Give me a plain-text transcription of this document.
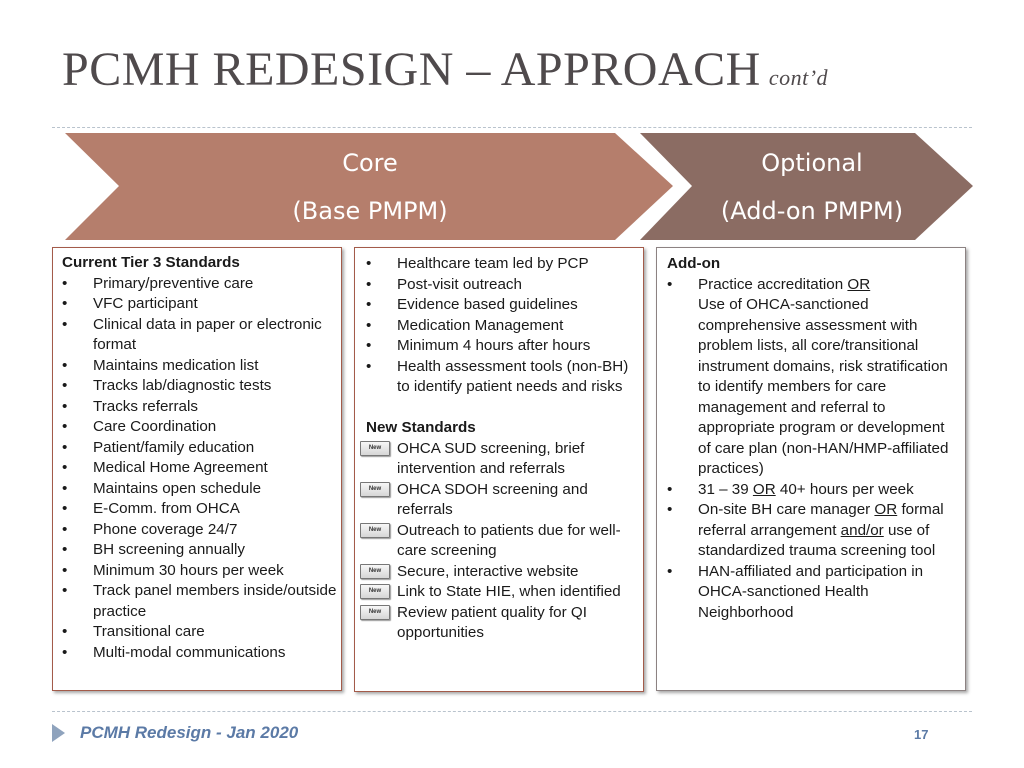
PCMH REDESIGN – APPROACH cont’d
Core
(Base PMPM)
Optional
(Add-on PMPM)
Current Tier 3 Standards
• Primary/preventive care
• VFC participant
• Clinical data in paper or electronic format
• Maintains medication list
• Tracks lab/diagnostic tests
• Tracks referrals
• Care Coordination
• Patient/family education
• Medical Home Agreement
• Maintains open schedule
• E-Comm. from OHCA
• Phone coverage 24/7
• BH screening annually
• Minimum 30 hours per week
• Track panel members inside/outside practice
• Transitional care
• Multi-modal communications
• Healthcare team led by PCP
• Post-visit outreach
• Evidence based guidelines
• Medication Management
• Minimum 4 hours after hours
• Health assessment tools (non-BH) to identify patient needs and risks
New Standards
New	OHCA SUD screening, brief intervention and referrals
New	OHCA SDOH screening and referrals
New	Outreach to patients due for well-care screening
New	Secure, interactive website
New	Link to State HIE, when identified
New	Review patient quality for QI opportunities
Add-on
• Practice accreditation OR
Use of OHCA-sanctioned comprehensive assessment with problem lists, all core/transitional instrument domains, risk stratification to identify members for care management and referral to appropriate program or development of care plan (non-HAN/HMP-affiliated practices)
• 31 – 39 OR 40+ hours per week
• On-site BH care manager OR formal referral arrangement and/or use of standardized trauma screening tool
• HAN-affiliated and participation in OHCA-sanctioned Health Neighborhood
PCMH Redesign - Jan 2020	17
